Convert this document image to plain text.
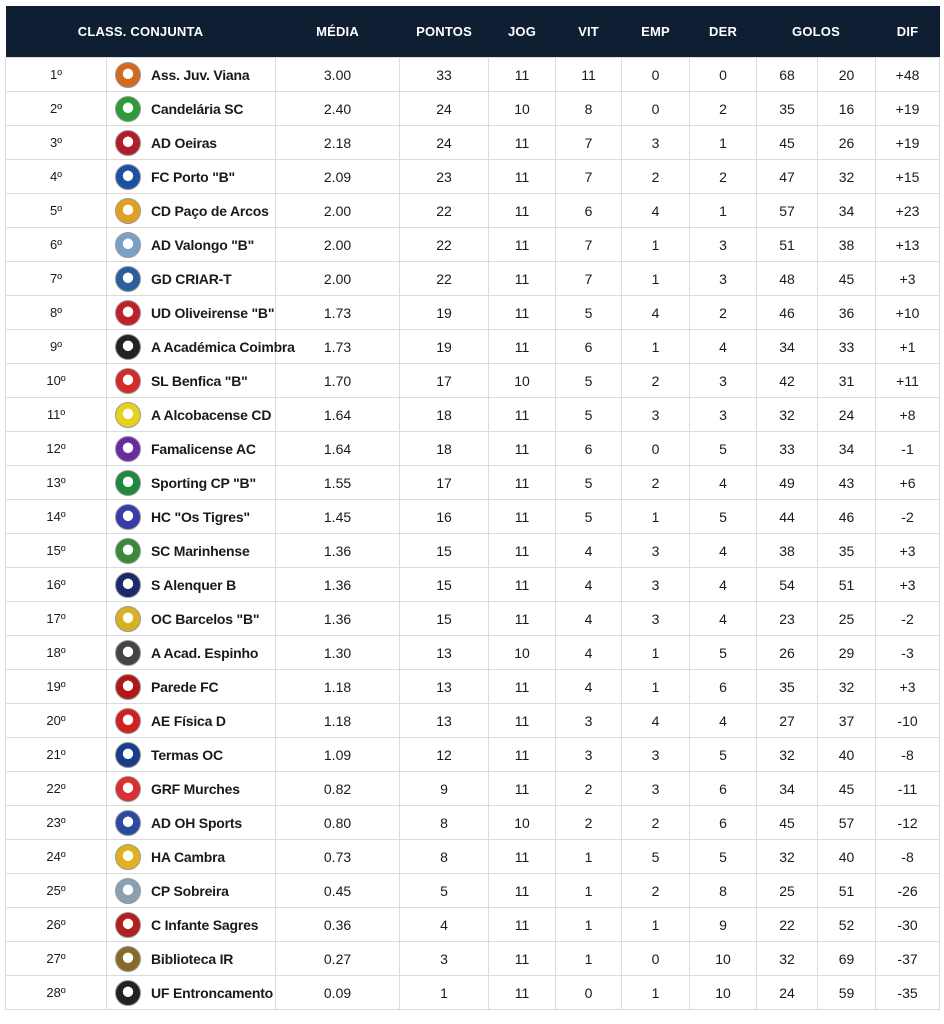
CLASS. CONJUNTA		MÉDIA	PONTOS	JOG	VIT	EMP	DER	GOLOS		DIF
1º	Ass. Juv. Viana	3.00	33	11	11	0	0	68	20	+48
2º	Candelária SC	2.40	24	10	8	0	2	35	16	+19
3º	AD Oeiras	2.18	24	11	7	3	1	45	26	+19
4º	FC Porto "B"	2.09	23	11	7	2	2	47	32	+15
5º	CD Paço de Arcos	2.00	22	11	6	4	1	57	34	+23
6º	AD Valongo "B"	2.00	22	11	7	1	3	51	38	+13
7º	GD CRIAR-T	2.00	22	11	7	1	3	48	45	+3
8º	UD Oliveirense "B"	1.73	19	11	5	4	2	46	36	+10
9º	A Académica Coimbra	1.73	19	11	6	1	4	34	33	+1
10º	SL Benfica "B"	1.70	17	10	5	2	3	42	31	+11
11º	A Alcobacense CD	1.64	18	11	5	3	3	32	24	+8
12º	Famalicense AC	1.64	18	11	6	0	5	33	34	-1
13º	Sporting CP "B"	1.55	17	11	5	2	4	49	43	+6
14º	HC "Os Tigres"	1.45	16	11	5	1	5	44	46	-2
15º	SC Marinhense	1.36	15	11	4	3	4	38	35	+3
16º	S Alenquer B	1.36	15	11	4	3	4	54	51	+3
17º	OC Barcelos "B"	1.36	15	11	4	3	4	23	25	-2
18º	A Acad. Espinho	1.30	13	10	4	1	5	26	29	-3
19º	Parede FC	1.18	13	11	4	1	6	35	32	+3
20º	AE Física D	1.18	13	11	3	4	4	27	37	-10
21º	Termas OC	1.09	12	11	3	3	5	32	40	-8
22º	GRF Murches	0.82	9	11	2	3	6	34	45	-11
23º	AD OH Sports	0.80	8	10	2	2	6	45	57	-12
24º	HA Cambra	0.73	8	11	1	5	5	32	40	-8
25º	CP Sobreira	0.45	5	11	1	2	8	25	51	-26
26º	C Infante Sagres	0.36	4	11	1	1	9	22	52	-30
27º	Biblioteca IR	0.27	3	11	1	0	10	32	69	-37
28º	UF Entroncamento	0.09	1	11	0	1	10	24	59	-35
